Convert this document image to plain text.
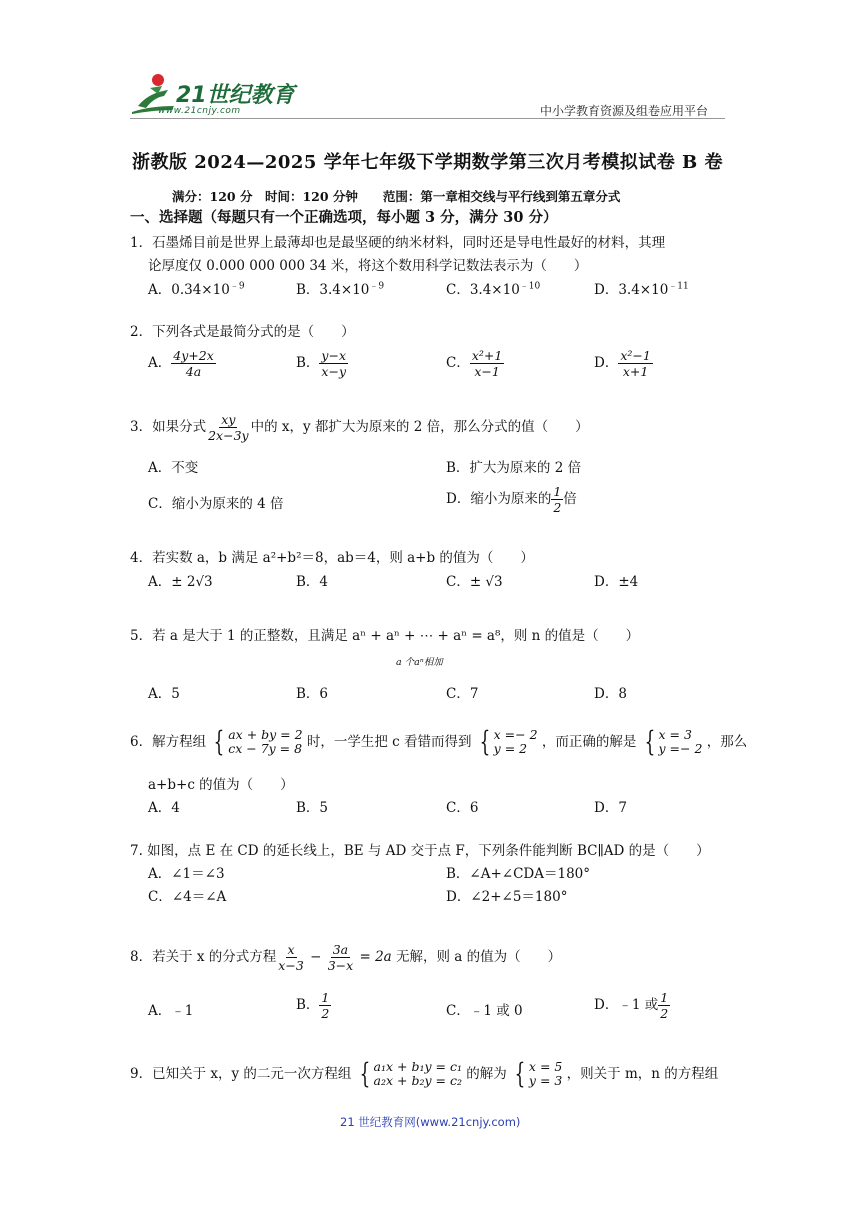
21世纪教育
www.21cnjy.com	中小学教育资源及组卷应用平台
浙教版 2024—2025 学年七年级下学期数学第三次月考模拟试卷 B 卷
满分：120 分　时间：120 分钟　　范围：第一章相交线与平行线到第五章分式
一、选择题（每题只有一个正确选项，每小题 3 分，满分 30 分）
1．石墨烯目前是世界上最薄却也是最坚硬的纳米材料，同时还是导电性最好的材料，其理
论厚度仅 0.000 000 000 34 米，将这个数用科学记数法表示为（　　）
A．$0.34\times 10^{﹣9}$	B．$3.4\times 10^{﹣9}$	C．$3.4\times 10^{﹣10}$	D．$3.4\times 10^{﹣11}$
2．下列各式是最简分式的是（　　）
A． $\frac{4y+2x}{4a}$	B． $\frac{y-x}{x-y}$	C． $\frac{\text{x²+1}}{x-1}$	D． $\frac{\text{x²−1}}{x+1}$
3．如果分式 $\frac{xy}{2x-3y}$ 中的 x，y 都扩大为原来的 2 倍，那么分式的值（　　）
A．不变	B．扩大为原来的 2 倍
C．缩小为原来的 4 倍	D．缩小为原来的 $\frac{1}{2}$ 倍
4．若实数 a，b 满足 a²+b²＝8，ab＝4，则 a+b 的值为（　　）
A．± 2√3	B．4	C．± √3	D．±4
5．若 a 是大于 1 的正整数，且满足 aⁿ + aⁿ + ⋯ + aⁿ = a⁸，则 n 的值是（　　）
a 个aⁿ相加
A．5	B．6	C．7	D．8
6．解方程组 { ax + by = 2
cx − 7y = 8 时，一学生把 c 看错而得到 { x =− 2
y = 2	，而正确的解是 { x = 3
y =− 2 ，那么
a+b+c 的值为（　　）
A．4	B．5	C．6	D．7
7. 如图，点 E 在 CD 的延长线上，BE 与 AD 交于点 F，下列条件能判断 BC∥AD 的是（　　）
A．∠1＝∠3	B．∠A+∠CDA＝180°
C．∠4＝∠A	D．∠2+∠5＝180°
8．若关于 x 的分式方程 $\frac{x}{x-3} - \frac{3a}{3-x} = 2a$ 无解，则 a 的值为（　　）
A．﹣1	B． $\frac{1}{2}$	C．﹣1 或 0	D．﹣1 或 $\frac{1}{2}$
9．已知关于 x，y 的二元一次方程组 { a₁x + b₁y = c₁
a₂x + b₂y = c₂ 的解为 { x = 5
y = 3 ，则关于 m，n 的方程组
21 世纪教育网(www.21cnjy.com)
